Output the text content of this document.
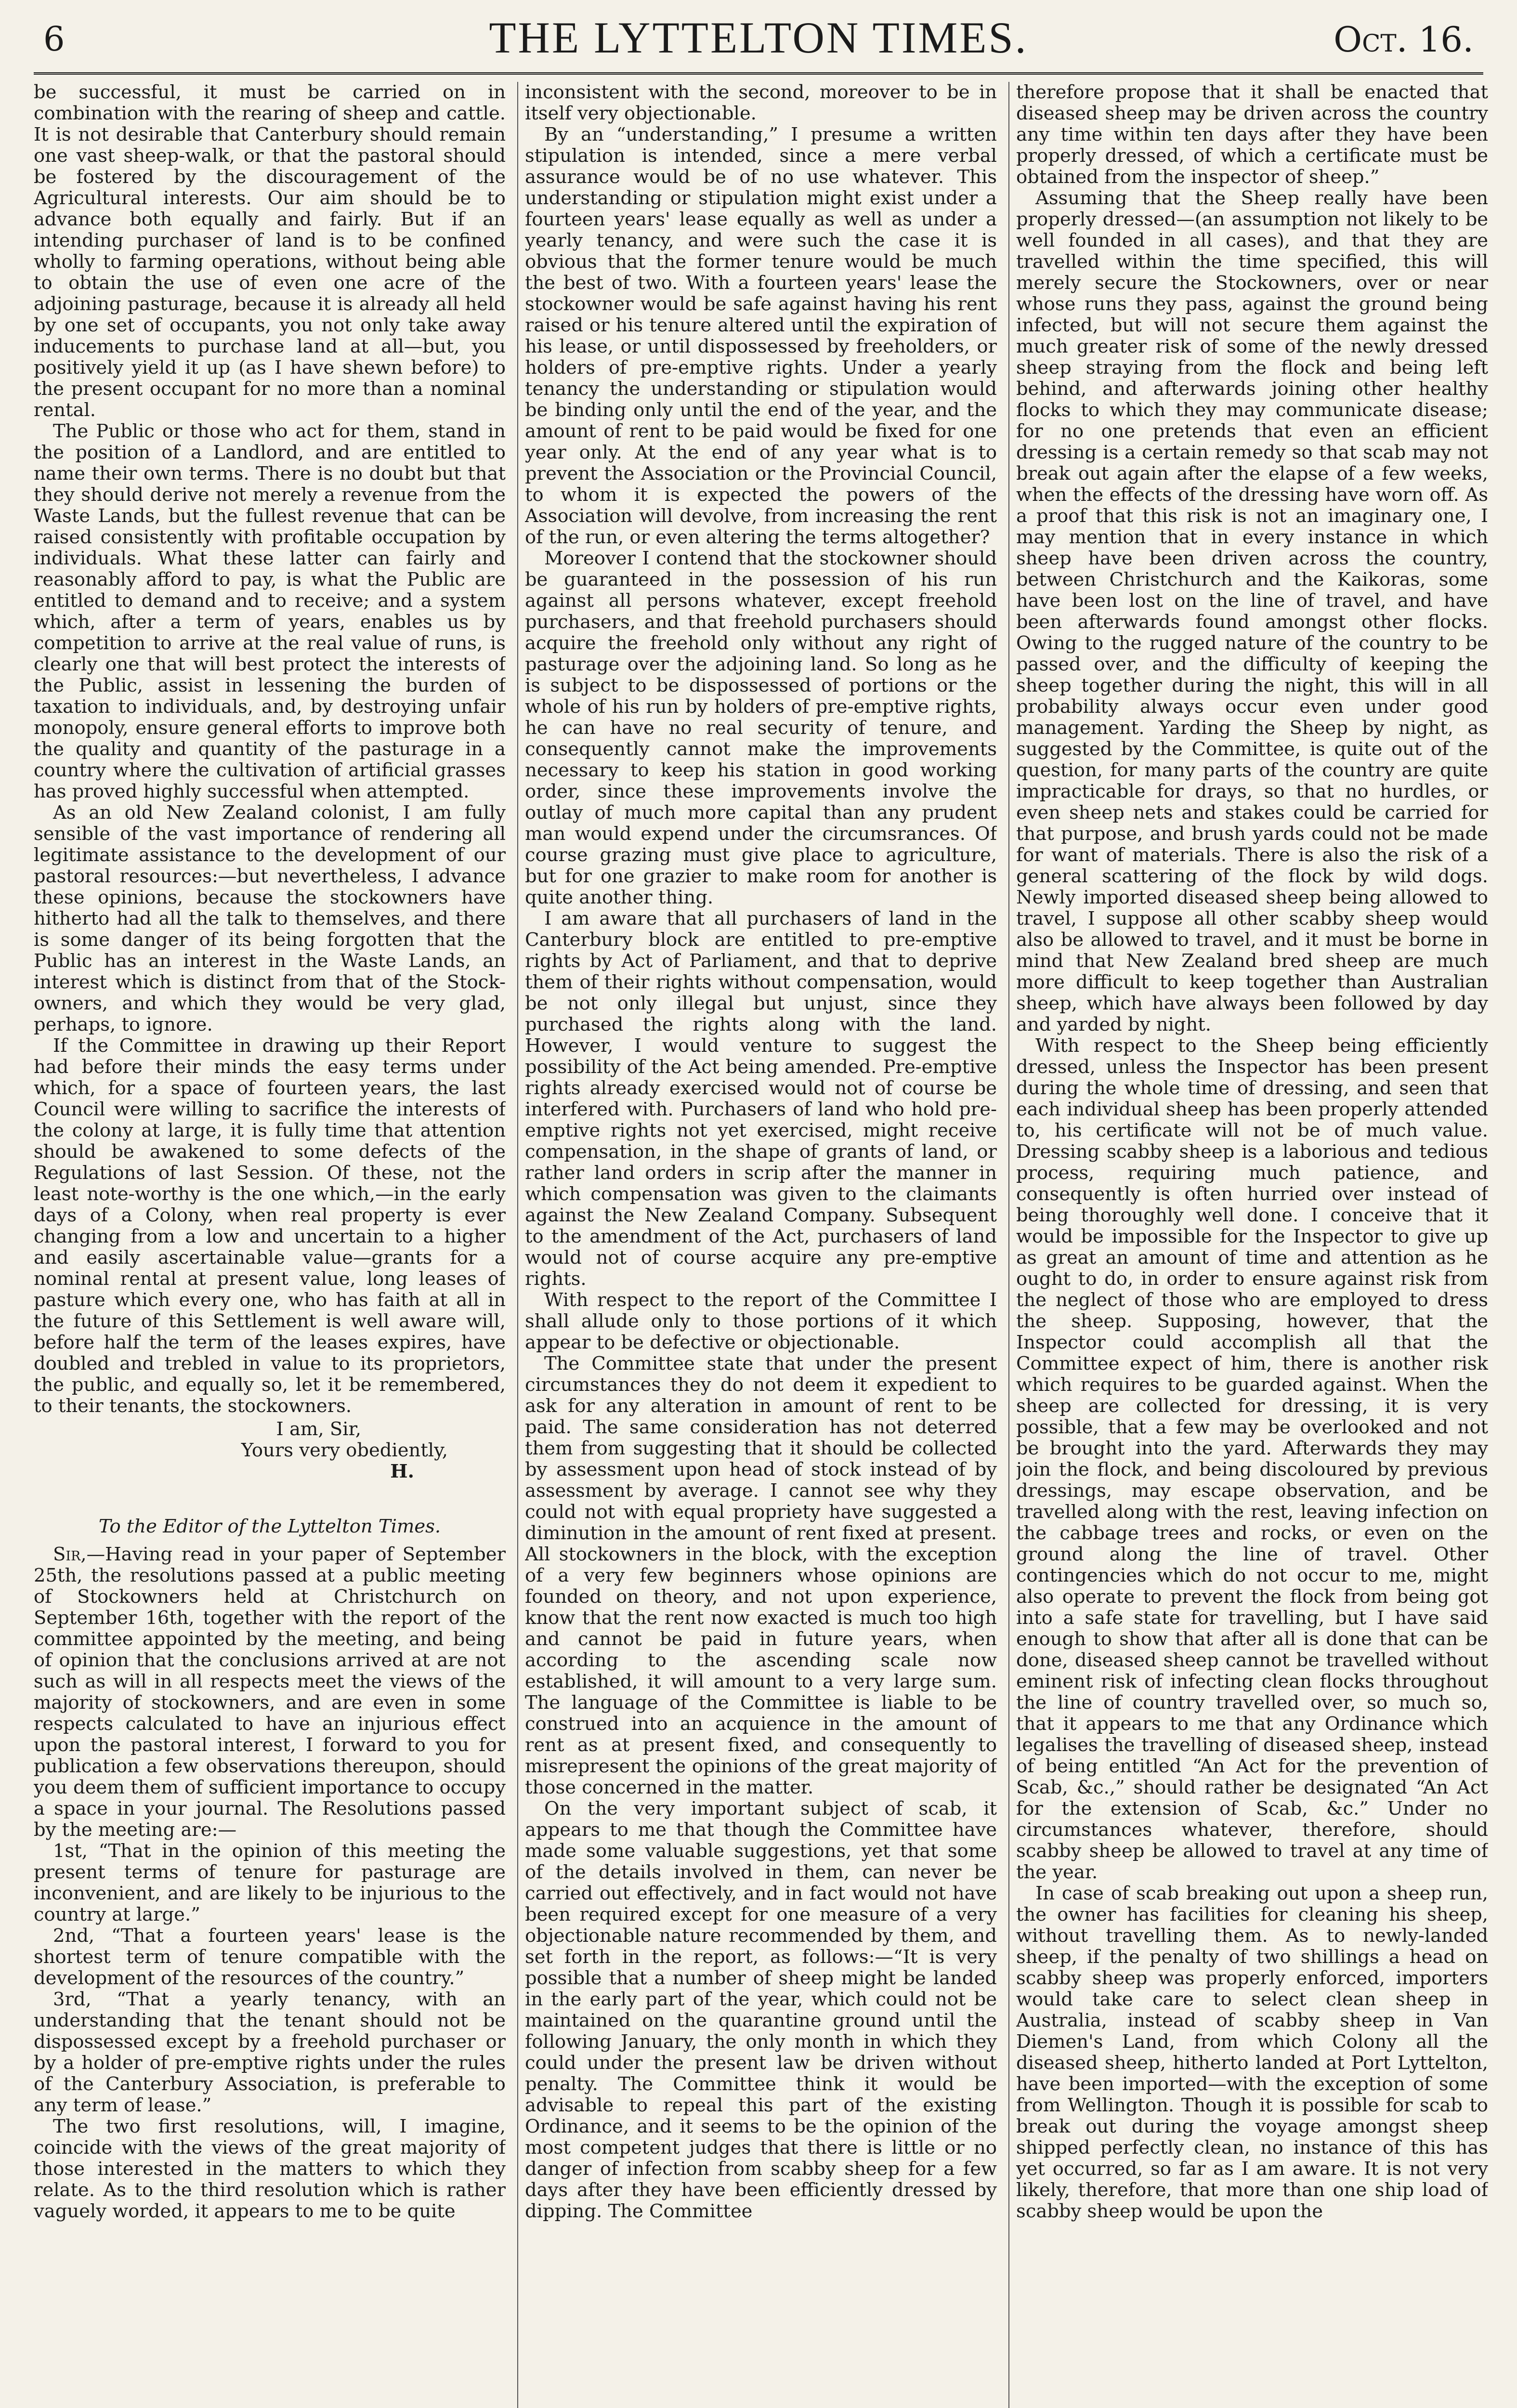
6	THE LYTTELTON TIMES.	Oct. 16.

be successful, it must be carried on in combination with the rearing of sheep and cattle. It is not desirable that Canterbury should remain one vast sheep-walk, or that the pastoral should be fostered by the discouragement of the Agricultural interests. Our aim should be to advance both equally and fairly. But if an intending purchaser of land is to be confined wholly to farming operations, without being able to obtain the use of even one acre of the adjoining pasturage, because it is already all held by one set of occupants, you not only take away inducements to purchase land at all—but, you positively yield it up (as I have shewn before) to the present occupant for no more than a nominal rental.

The Public or those who act for them, stand in the position of a Landlord, and are entitled to name their own terms. There is no doubt but that they should derive not merely a revenue from the Waste Lands, but the fullest revenue that can be raised consistently with profitable occupation by individuals. What these latter can fairly and reasonably afford to pay, is what the Public are entitled to demand and to receive; and a system which, after a term of years, enables us by competition to arrive at the real value of runs, is clearly one that will best protect the interests of the Public, assist in lessening the burden of taxation to individuals, and, by destroying unfair monopoly, ensure general efforts to improve both the quality and quantity of the pasturage in a country where the cultivation of artificial grasses has proved highly successful when attempted.

As an old New Zealand colonist, I am fully sensible of the vast importance of rendering all legitimate assistance to the development of our pastoral resources:—but nevertheless, I advance these opinions, because the stockowners have hitherto had all the talk to themselves, and there is some danger of its being forgotten that the Public has an interest in the Waste Lands, an interest which is distinct from that of the Stock-owners, and which they would be very glad, perhaps, to ignore.

If the Committee in drawing up their Report had before their minds the easy terms under which, for a space of fourteen years, the last Council were willing to sacrifice the interests of the colony at large, it is fully time that attention should be awakened to some defects of the Regulations of last Session. Of these, not the least note-worthy is the one which,—in the early days of a Colony, when real property is ever changing from a low and uncertain to a higher and easily ascertainable value—grants for a nominal rental at present value, long leases of pasture which every one, who has faith at all in the future of this Settlement is well aware will, before half the term of the leases expires, have doubled and trebled in value to its proprietors, the public, and equally so, let it be remembered, to their tenants, the stockowners.

I am, Sir,
Yours very obediently,
H.
To the Editor of the Lyttelton Times.

Sir,—Having read in your paper of September 25th, the resolutions passed at a public meeting of Stockowners held at Christchurch on September 16th, together with the report of the committee appointed by the meeting, and being of opinion that the conclusions arrived at are not such as will in all respects meet the views of the majority of stockowners, and are even in some respects calculated to have an injurious effect upon the pastoral interest, I forward to you for publication a few observations thereupon, should you deem them of sufficient importance to occupy a space in your journal. The Resolutions passed by the meeting are:—

1st, “That in the opinion of this meeting the present terms of tenure for pasturage are inconvenient, and are likely to be injurious to the country at large.”

2nd, “That a fourteen years' lease is the shortest term of tenure compatible with the development of the resources of the country.”

3rd, “That a yearly tenancy, with an understanding that the tenant should not be dispossessed except by a freehold purchaser or by a holder of pre-emptive rights under the rules of the Canterbury Association, is preferable to any term of lease.”

The two first resolutions, will, I imagine, coincide with the views of the great majority of those interested in the matters to which they relate. As to the third resolution which is rather vaguely worded, it appears to me to be quite

inconsistent with the second, moreover to be in itself very objectionable.

By an “understanding,” I presume a written stipulation is intended, since a mere verbal assurance would be of no use whatever. This understanding or stipulation might exist under a fourteen years' lease equally as well as under a yearly tenancy, and were such the case it is obvious that the former tenure would be much the best of two. With a fourteen years' lease the stockowner would be safe against having his rent raised or his tenure altered until the expiration of his lease, or until dispossessed by freeholders, or holders of pre-emptive rights. Under a yearly tenancy the understanding or stipulation would be binding only until the end of the year, and the amount of rent to be paid would be fixed for one year only. At the end of any year what is to prevent the Association or the Provincial Council, to whom it is expected the powers of the Association will devolve, from increasing the rent of the run, or even altering the terms altogether?

Moreover I contend that the stockowner should be guaranteed in the possession of his run against all persons whatever, except freehold purchasers, and that freehold purchasers should acquire the freehold only without any right of pasturage over the adjoining land. So long as he is subject to be dispossessed of portions or the whole of his run by holders of pre-emptive rights, he can have no real security of tenure, and consequently cannot make the improvements necessary to keep his station in good working order, since these improvements involve the outlay of much more capital than any prudent man would expend under the circumsrances. Of course grazing must give place to agriculture, but for one grazier to make room for another is quite another thing.

I am aware that all purchasers of land in the Canterbury block are entitled to pre-emptive rights by Act of Parliament, and that to deprive them of their rights without compensation, would be not only illegal but unjust, since they purchased the rights along with the land. However, I would venture to suggest the possibility of the Act being amended. Pre-emptive rights already exercised would not of course be interfered with. Purchasers of land who hold pre-emptive rights not yet exercised, might receive compensation, in the shape of grants of land, or rather land orders in scrip after the manner in which compensation was given to the claimants against the New Zealand Company. Subsequent to the amendment of the Act, purchasers of land would not of course acquire any pre-emptive rights.

With respect to the report of the Committee I shall allude only to those portions of it which appear to be defective or objectionable.

The Committee state that under the present circumstances they do not deem it expedient to ask for any alteration in amount of rent to be paid. The same consideration has not deterred them from suggesting that it should be collected by assessment upon head of stock instead of by assessment by average. I cannot see why they could not with equal propriety have suggested a diminution in the amount of rent fixed at present. All stockowners in the block, with the exception of a very few beginners whose opinions are founded on theory, and not upon experience, know that the rent now exacted is much too high and cannot be paid in future years, when according to the ascending scale now established, it will amount to a very large sum. The language of the Committee is liable to be construed into an acquience in the amount of rent as at present fixed, and consequently to misrepresent the opinions of the great majority of those concerned in the matter.

On the very important subject of scab, it appears to me that though the Committee have made some valuable suggestions, yet that some of the details involved in them, can never be carried out effectively, and in fact would not have been required except for one measure of a very objectionable nature recommended by them, and set forth in the report, as follows:—“It is very possible that a number of sheep might be landed in the early part of the year, which could not be maintained on the quarantine ground until the following January, the only month in which they could under the present law be driven without penalty. The Committee think it would be advisable to repeal this part of the existing Ordinance, and it seems to be the opinion of the most competent judges that there is little or no danger of infection from scabby sheep for a few days after they have been efficiently dressed by dipping. The Committee

therefore propose that it shall be enacted that diseased sheep may be driven across the country any time within ten days after they have been properly dressed, of which a certificate must be obtained from the inspector of sheep.”

Assuming that the Sheep really have been properly dressed—(an assumption not likely to be well founded in all cases), and that they are travelled within the time specified, this will merely secure the Stockowners, over or near whose runs they pass, against the ground being infected, but will not secure them against the much greater risk of some of the newly dressed sheep straying from the flock and being left behind, and afterwards joining other healthy flocks to which they may communicate disease; for no one pretends that even an efficient dressing is a certain remedy so that scab may not break out again after the elapse of a few weeks, when the effects of the dressing have worn off. As a proof that this risk is not an imaginary one, I may mention that in every instance in which sheep have been driven across the country, between Christchurch and the Kaikoras, some have been lost on the line of travel, and have been afterwards found amongst other flocks. Owing to the rugged nature of the country to be passed over, and the difficulty of keeping the sheep together during the night, this will in all probability always occur even under good management. Yarding the Sheep by night, as suggested by the Committee, is quite out of the question, for many parts of the country are quite impracticable for drays, so that no hurdles, or even sheep nets and stakes could be carried for that purpose, and brush yards could not be made for want of materials. There is also the risk of a general scattering of the flock by wild dogs. Newly imported diseased sheep being allowed to travel, I suppose all other scabby sheep would also be allowed to travel, and it must be borne in mind that New Zealand bred sheep are much more difficult to keep together than Australian sheep, which have always been followed by day and yarded by night.

With respect to the Sheep being efficiently dressed, unless the Inspector has been present during the whole time of dressing, and seen that each individual sheep has been properly attended to, his certificate will not be of much value. Dressing scabby sheep is a laborious and tedious process, requiring much patience, and consequently is often hurried over instead of being thoroughly well done. I conceive that it would be impossible for the Inspector to give up as great an amount of time and attention as he ought to do, in order to ensure against risk from the neglect of those who are employed to dress the sheep. Supposing, however, that the Inspector could accomplish all that the Committee expect of him, there is another risk which requires to be guarded against. When the sheep are collected for dressing, it is very possible, that a few may be overlooked and not be brought into the yard. Afterwards they may join the flock, and being discoloured by previous dressings, may escape observation, and be travelled along with the rest, leaving infection on the cabbage trees and rocks, or even on the ground along the line of travel. Other contingencies which do not occur to me, might also operate to prevent the flock from being got into a safe state for travelling, but I have said enough to show that after all is done that can be done, diseased sheep cannot be travelled without eminent risk of infecting clean flocks throughout the line of country travelled over, so much so, that it appears to me that any Ordinance which legalises the travelling of diseased sheep, instead of being entitled “An Act for the prevention of Scab, &c.,” should rather be designated “An Act for the extension of Scab, &c.” Under no circumstances whatever, therefore, should scabby sheep be allowed to travel at any time of the year.

In case of scab breaking out upon a sheep run, the owner has facilities for cleaning his sheep, without travelling them. As to newly-landed sheep, if the penalty of two shillings a head on scabby sheep was properly enforced, importers would take care to select clean sheep in Australia, instead of scabby sheep in Van Diemen's Land, from which Colony all the diseased sheep, hitherto landed at Port Lyttelton, have been imported—with the exception of some from Wellington. Though it is possible for scab to break out during the voyage amongst sheep shipped perfectly clean, no instance of this has yet occurred, so far as I am aware. It is not very likely, therefore, that more than one ship load of scabby sheep would be upon the
